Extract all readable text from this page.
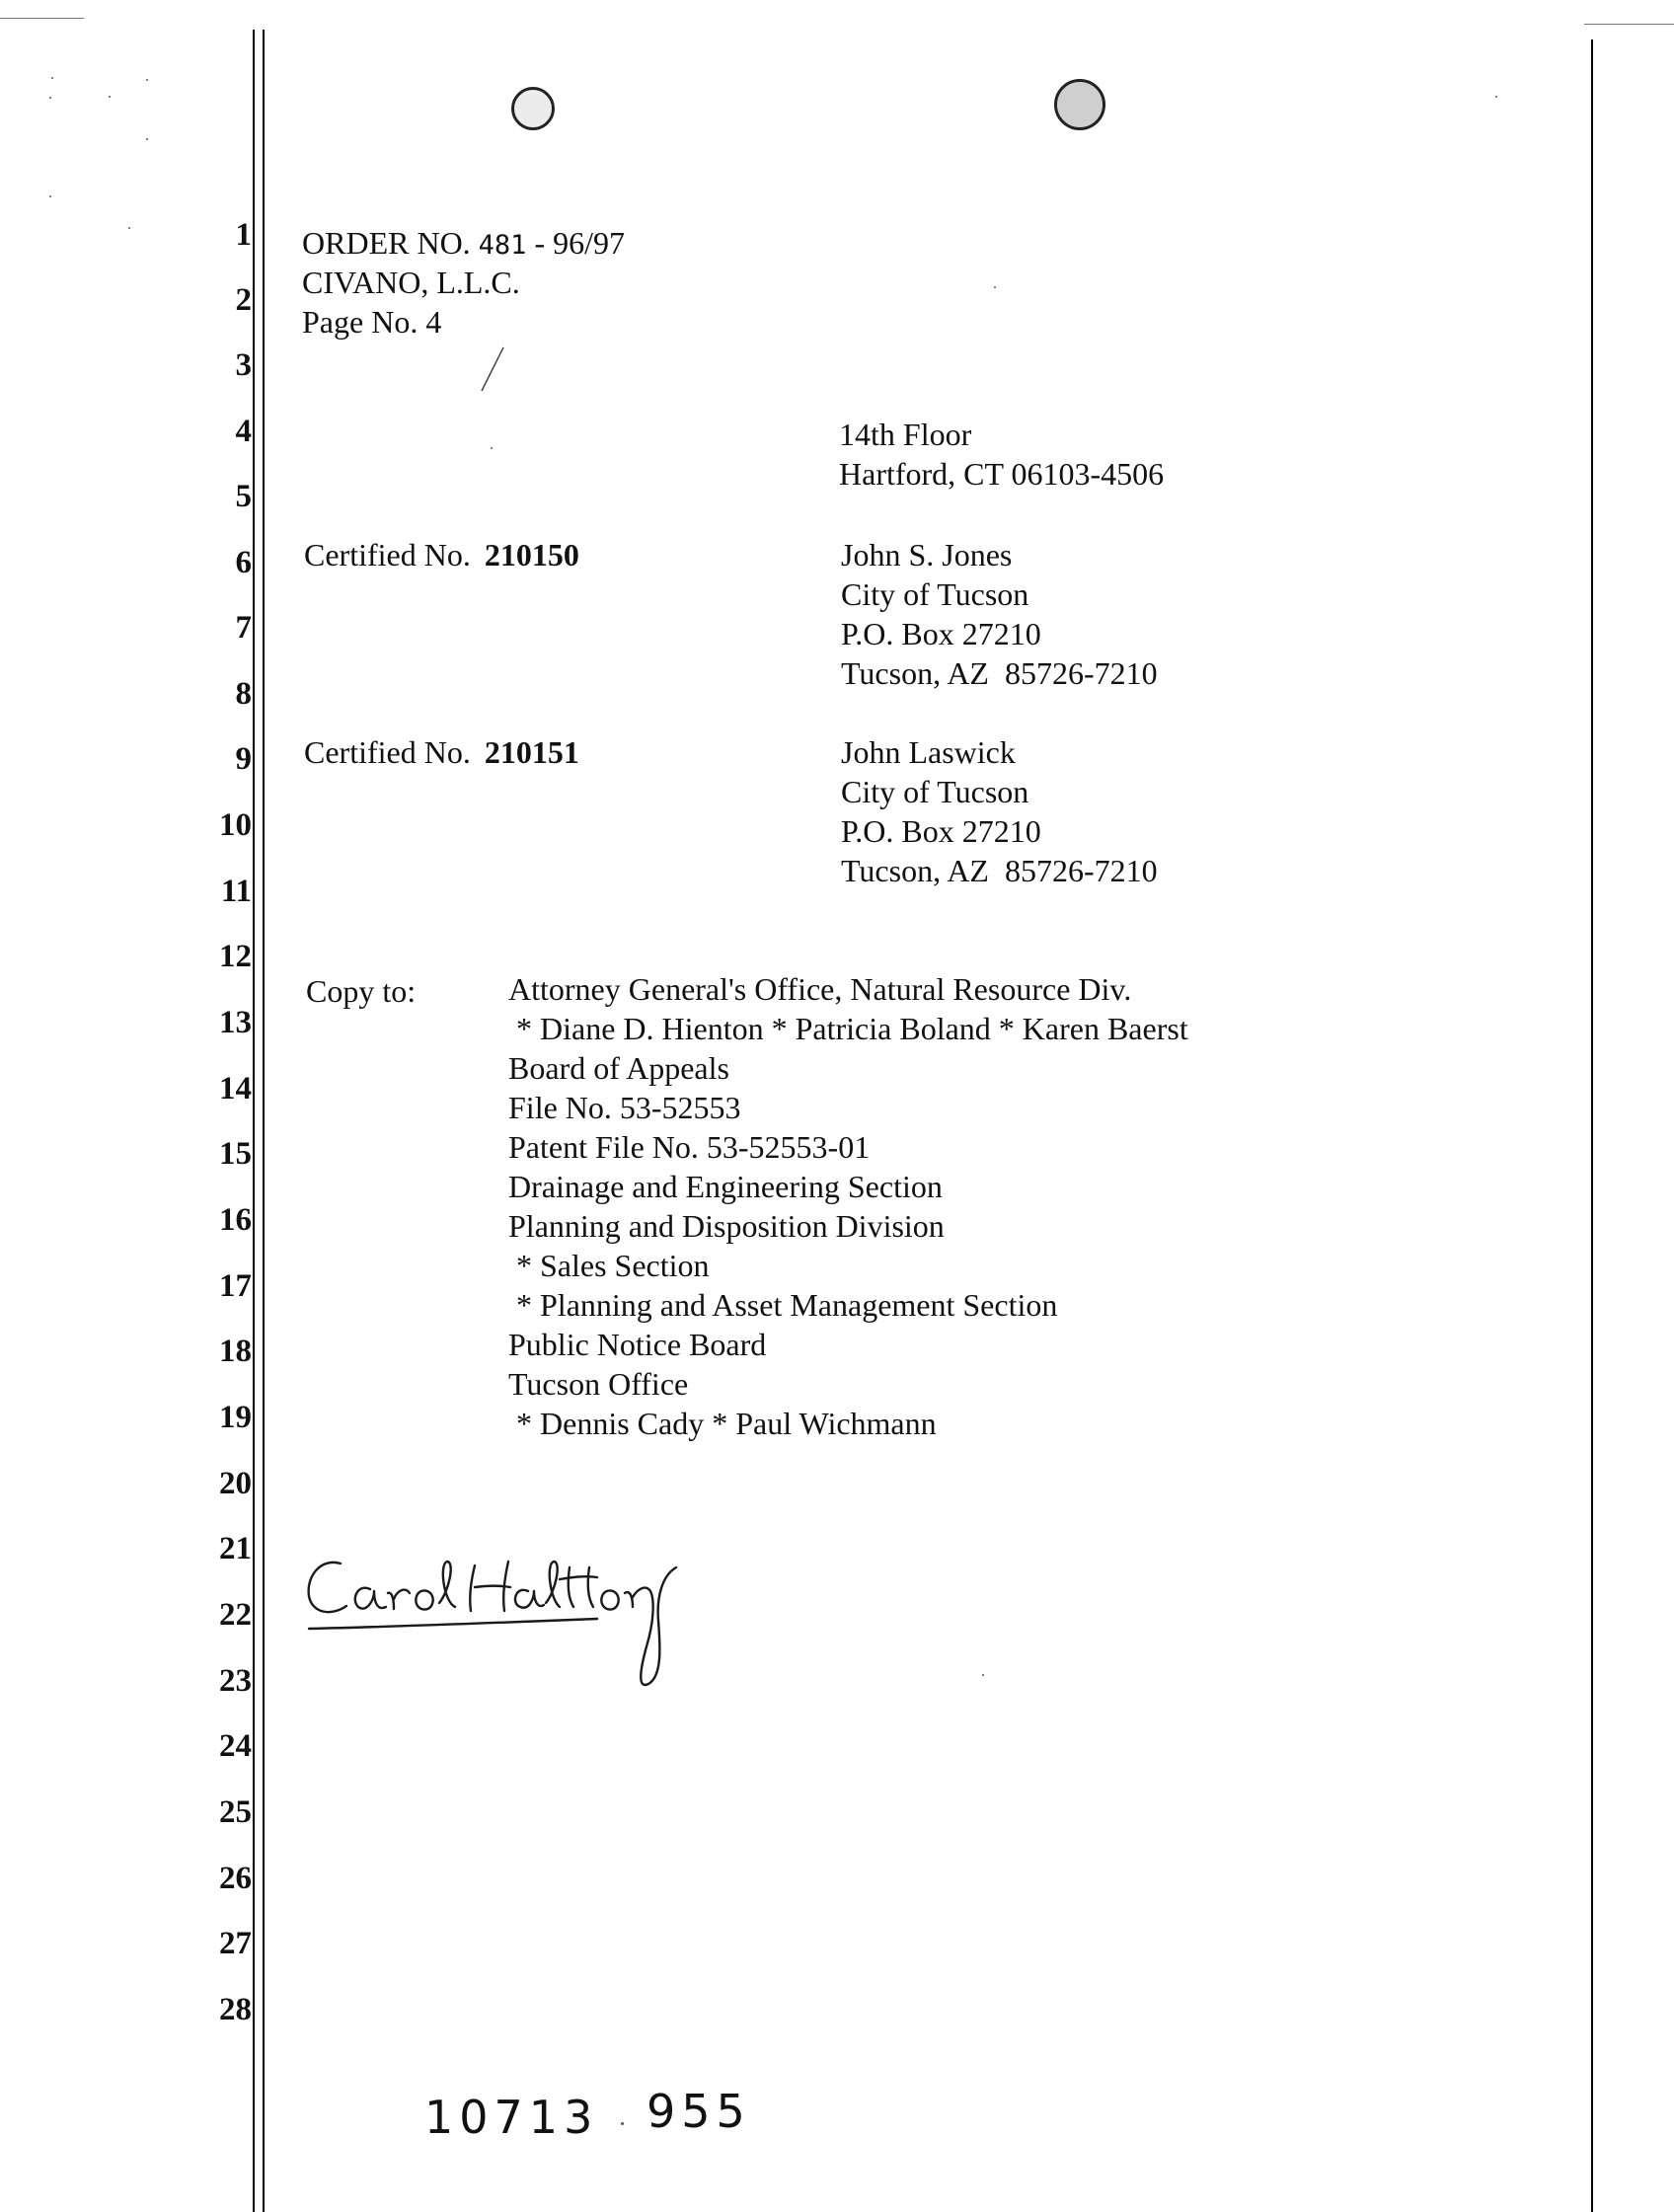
1
2
3
4
5
6
7
8
9
10
11
12
13
14
15
16
17
18
19
20
21
22
23
24
25
26
27
28
ORDER NO. 481 - 96/97
CIVANO, L.L.C.
Page No. 4
14th Floor
Hartford, CT 06103-4506
Certified No. 210150	John S. Jones
City of Tucson
P.O. Box 27210
Tucson, AZ  85726-7210
Certified No. 210151	John Laswick
City of Tucson
P.O. Box 27210
Tucson, AZ  85726-7210
Copy to:	Attorney General's Office, Natural Resource Div.
* Diane D. Hienton * Patricia Boland * Karen Baerst
Board of Appeals
File No. 53-52553
Patent File No. 53-52553-01
Drainage and Engineering Section
Planning and Disposition Division
* Sales Section
* Planning and Asset Management Section
Public Notice Board
Tucson Office
* Dennis Cady * Paul Wichmann
10713 955
